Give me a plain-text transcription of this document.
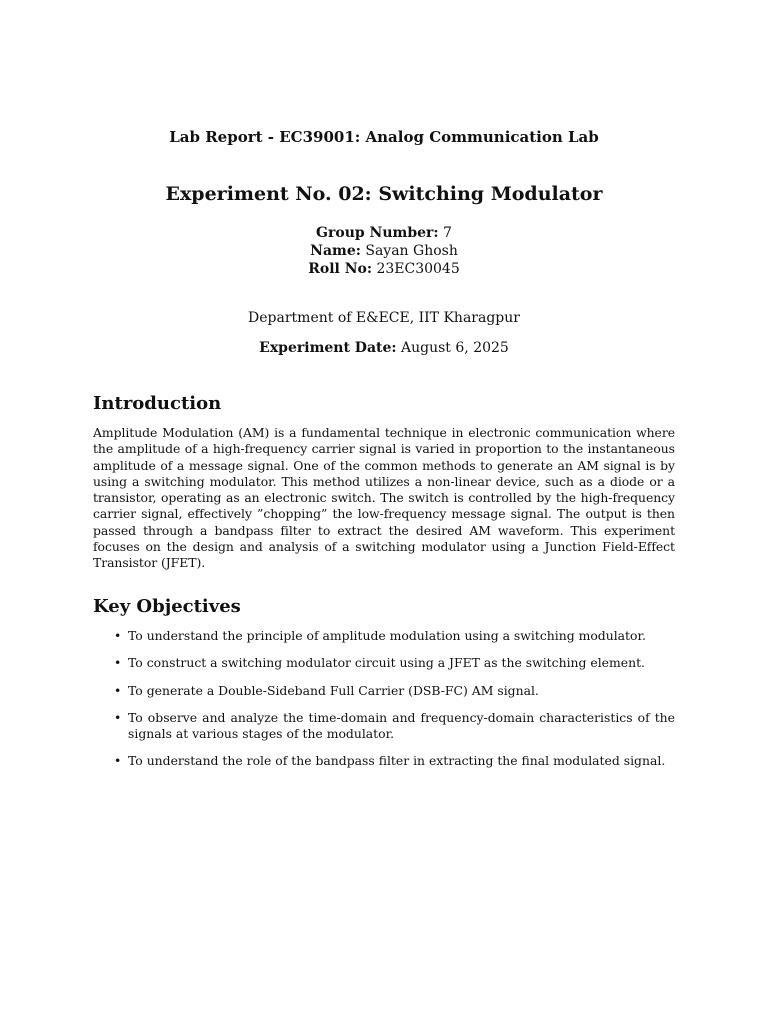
Lab Report - EC39001: Analog Communication Lab
Experiment No. 02: Switching Modulator
Group Number: 7
Name: Sayan Ghosh
Roll No: 23EC30045
Department of E&ECE, IIT Kharagpur
Experiment Date: August 6, 2025
Introduction

Amplitude Modulation (AM) is a fundamental technique in electronic communication where the amplitude of a high-frequency carrier signal is varied in proportion to the instantaneous amplitude of a message signal. One of the common methods to generate an AM signal is by using a switching modulator. This method utilizes a non-linear device, such as a diode or a transistor, operating as an electronic switch. The switch is controlled by the high-frequency carrier signal, effectively ”chopping” the low-frequency message signal. The output is then passed through a bandpass filter to extract the desired AM waveform. This experiment focuses on the design and analysis of a switching modulator using a Junction Field-Effect Transistor (JFET).

Key Objectives
• To understand the principle of amplitude modulation using a switching modulator.
• To construct a switching modulator circuit using a JFET as the switching element.
• To generate a Double-Sideband Full Carrier (DSB-FC) AM signal.
• To observe and analyze the time-domain and frequency-domain characteristics of the signals at various stages of the modulator.
• To understand the role of the bandpass filter in extracting the final modulated signal.
